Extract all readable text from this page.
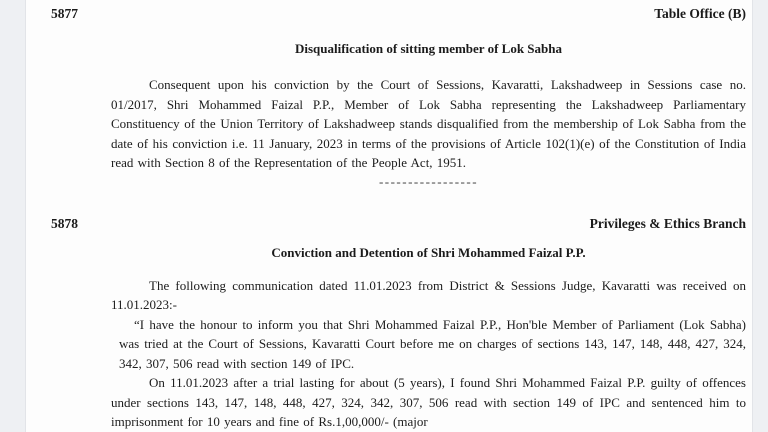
5877	Table Office (B)
Disqualification of sitting member of Lok Sabha

Consequent upon his conviction by the Court of Sessions, Kavaratti, Lakshadweep in Sessions case no. 01/2017, Shri Mohammed Faizal P.P., Member of Lok Sabha representing the Lakshadweep Parliamentary Constituency of the Union Territory of Lakshadweep stands disqualified from the membership of Lok Sabha from the date of his conviction i.e. 11 January, 2023 in terms of the provisions of Article 102(1)(e) of the Constitution of India read with Section 8 of the Representation of the People Act, 1951.

-----------------
5878	Privileges & Ethics Branch
Conviction and Detention of Shri Mohammed Faizal P.P.

The following communication dated 11.01.2023 from District & Sessions Judge, Kavaratti was received on 11.01.2023:-

“I have the honour to inform you that Shri Mohammed Faizal P.P., Hon'ble Member of Parliament (Lok Sabha) was tried at the Court of Sessions, Kavaratti Court before me on charges of sections 143, 147, 148, 448, 427, 324, 342, 307, 506 read with section 149 of IPC.

On 11.01.2023 after a trial lasting for about (5 years), I found Shri Mohammed Faizal P.P. guilty of offences under sections 143, 147, 148, 448, 427, 324, 342, 307, 506 read with section 149 of IPC and sentenced him to imprisonment for 10 years and fine of Rs.1,00,000/- (major
